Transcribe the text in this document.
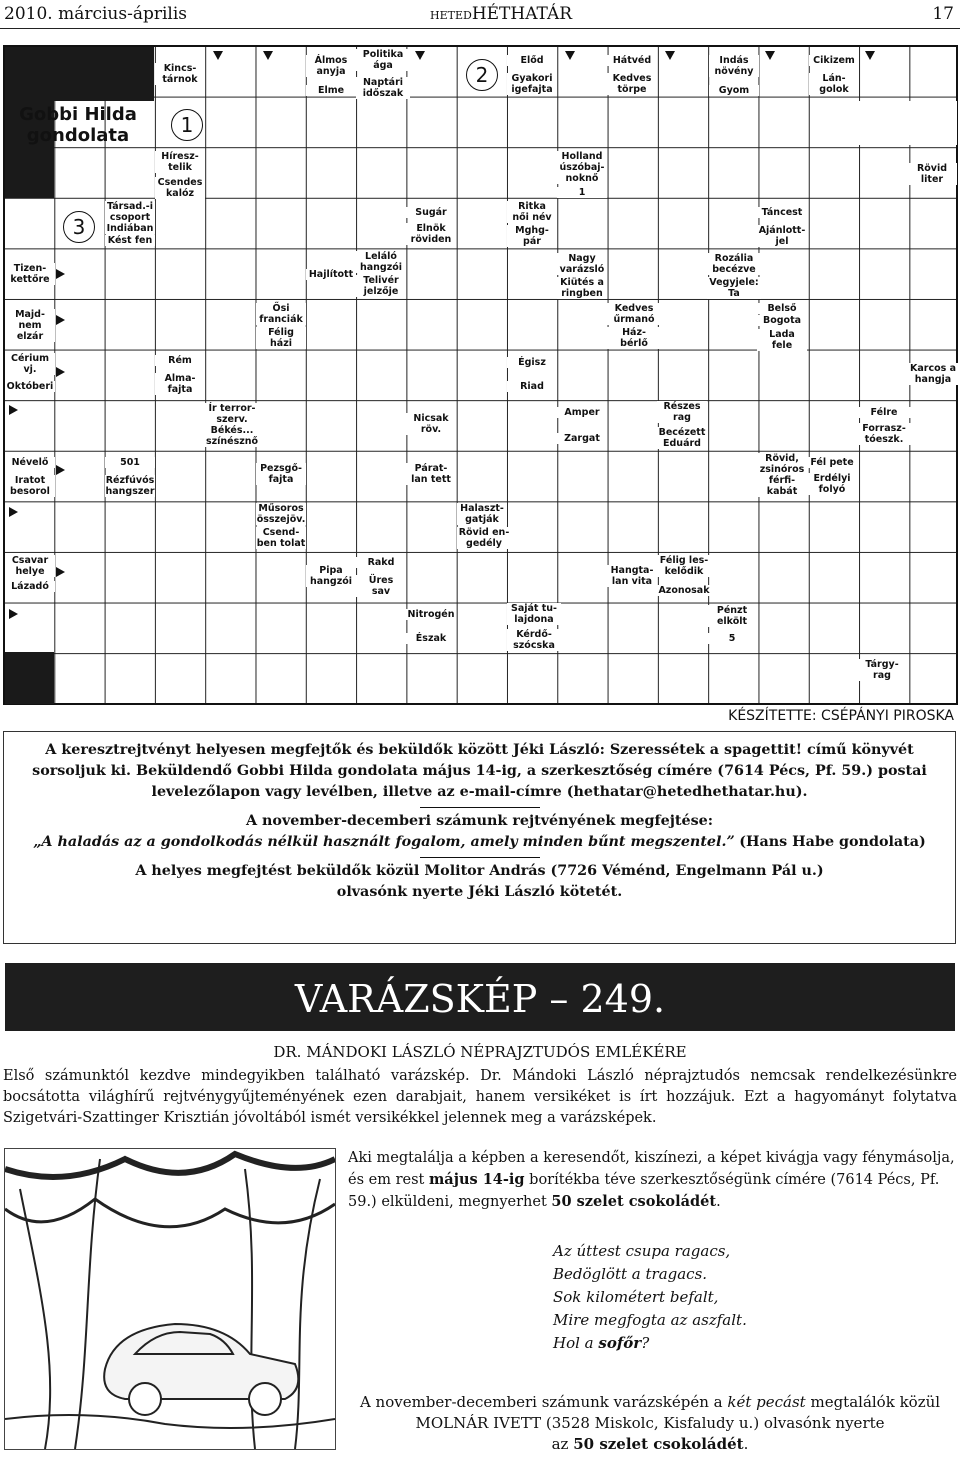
2010. március-április	HETEDHÉTHATÁR	17
Gobbi Hilda gondolata	1
2
3
Kincs-
tárnok
Álmos
anyja
Elme
Politika
ága
Naptári
időszak
Előd
Gyakori
igefajta
Hátvéd
Kedves
törpe
Indás
növény
Gyom
Cikizem
Lán-
golok
Híresz-
telik
Csendes
kalóz
Holland
úszóbaj-
noknő
1
Rövid
liter
Társad.-i
csoport
Indiában
Kést fen
Sugár
Elnök
röviden
Ritka
női név
Mghg-
pár
Táncest
Ajánlott-
jel
Tizen-
kettőre	Hajlított
Leláló
hangzói
Telivér
jelzője
Nagy
varázsló
Kiütés a
ringben
Rozália
becézve
Vegyjele:
Ta
Majd-
nem
elzár
Ősi
franciák
Félig
házi
Kedves
űrmanó
Ház-
bérlő
Belső
Bogota
Lada
fele
Cérium
vj.
Októberi
Rém
Alma-
fajta
Égisz
Riad
Karcos a
hangja
Ír terror-
szerv.
Békés...
színésznő
Nicsak
röv.
Amper
Zargat
Részes
rag
Becézett
Eduárd
Félre
Forrasz-
tóeszk.
Névelő
Iratot
besorol
501
Rézfúvós
hangszer
Pezsgő-
fajta
Párat-
lan tett
Rövid,
zsinóros
férfi-
kabát
Fél pete
Erdélyi
folyó
Műsoros
összejöv.
Csend-
ben tolat
Halaszt-
gatják
Rövid en-
gedély
Csavar
helye
Lázadó
Pipa
hangzói
Rakd
Üres
sav
Hangta-
lan vita
Félig les-
kelődik
Azonosak
Nitrogén
Észak
Saját tu-
lajdona
Kérdő-
szócska
Pénzt
elkölt
5
Tárgy-
rag
KÉSZÍTETTE: CSÉPÁNYI PIROSKA

A keresztrejtvényt helyesen megfejtők és beküldők között Jéki László: Szeressétek a spagettit! című könyvét sorsoljuk ki. Beküldendő Gobbi Hilda gondolata május 14-ig, a szerkesztőség címére (7614 Pécs, Pf. 59.) postai levelezőlapon vagy levélben, illetve az e-mail-címre (hethatar@hetedhethatar.hu).

A november-decemberi számunk rejtvényének megfejtése:

„A haladás az a gondolkodás nélkül használt fogalom, amely minden bűnt megszentel.” (Hans Habe gondolata)

A helyes megfejtést beküldők közül Molitor András (7726 Véménd, Engelmann Pál u.)

olvasónk nyerte Jéki László kötetét.

VARÁZSKÉP – 249.
DR. MÁNDOKI LÁSZLÓ NÉPRAJZTUDÓS EMLÉKÉRE
Első számunktól kezdve mindegyikben található varázskép. Dr. Mándoki László néprajztudós nemcsak rendelkezésünkre bocsátotta világhírű rejtvénygyűjteményének ezen darabjait, hanem versikéket is írt hozzájuk. Ezt a hagyományt folytatva Szigetvári-Szattinger Krisztián jóvoltából ismét versikékkel jelennek meg a varázsképek.
Aki megtalálja a képben a keresendőt, kiszínezi, a képet kivágja vagy fénymásolja, és em rest május 14-ig borítékba téve szerkesztőségünk címére (7614 Pécs, Pf. 59.) elküldeni, megnyerhet 50 szelet csokoládét.
Az úttest csupa ragacs,
Bedöglött a tragacs.
Sok kilométert befalt,
Mire megfogta az aszfalt.
Hol a sofőr?
A november-decemberi számunk varázsképén a két pecást megtalálók közül
MOLNÁR IVETT (3528 Miskolc, Kisfaludy u.) olvasónk nyerte
az 50 szelet csokoládét.
